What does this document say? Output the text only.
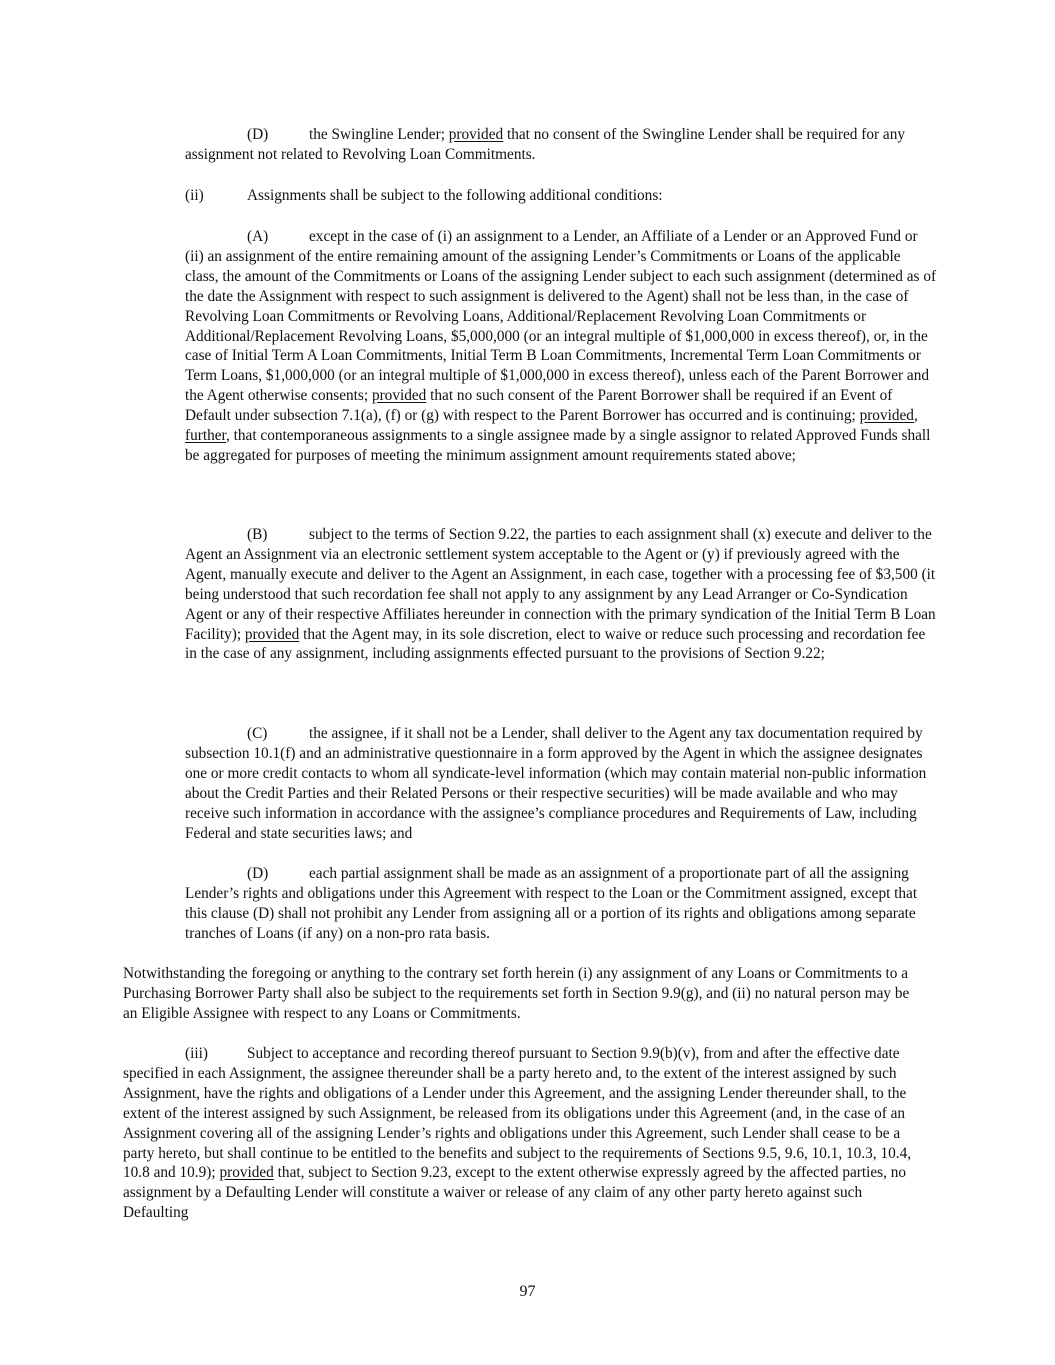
(D)	the Swingline Lender; provided that no consent of the Swingline Lender shall be required for any assignment not related to Revolving Loan Commitments.

(ii)	Assignments shall be subject to the following additional conditions:

(A)	except in the case of (i) an assignment to a Lender, an Affiliate of a Lender or an Approved Fund or (ii) an assignment of the entire remaining amount of the assigning Lender’s Commitments or Loans of the applicable class, the amount of the Commitments or Loans of the assigning Lender subject to each such assignment (determined as of the date the Assignment with respect to such assignment is delivered to the Agent) shall not be less than, in the case of Revolving Loan Commitments or Revolving Loans, Additional/Replacement Revolving Loan Commitments or Additional/Replacement Revolving Loans, $5,000,000 (or an integral multiple of $1,000,000 in excess thereof), or, in the case of Initial Term A Loan Commitments, Initial Term B Loan Commitments, Incremental Term Loan Commitments or Term Loans, $1,000,000 (or an integral multiple of $1,000,000 in excess thereof), unless each of the Parent Borrower and the Agent otherwise consents; provided that no such consent of the Parent Borrower shall be required if an Event of Default under subsection 7.1(a), (f) or (g) with respect to the Parent Borrower has occurred and is continuing; provided, further, that contemporaneous assignments to a single assignee made by a single assignor to related Approved Funds shall be aggregated for purposes of meeting the minimum assignment amount requirements stated above;

(B)	subject to the terms of Section 9.22, the parties to each assignment shall (x) execute and deliver to the Agent an Assignment via an electronic settlement system acceptable to the Agent or (y) if previously agreed with the Agent, manually execute and deliver to the Agent an Assignment, in each case, together with a processing fee of $3,500 (it being understood that such recordation fee shall not apply to any assignment by any Lead Arranger or Co-Syndication Agent or any of their respective Affiliates hereunder in connection with the primary syndication of the Initial Term B Loan Facility); provided that the Agent may, in its sole discretion, elect to waive or reduce such processing and recordation fee in the case of any assignment, including assignments effected pursuant to the provisions of Section 9.22;

(C)	the assignee, if it shall not be a Lender, shall deliver to the Agent any tax documentation required by subsection 10.1(f) and an administrative questionnaire in a form approved by the Agent in which the assignee designates one or more credit contacts to whom all syndicate-level information (which may contain material non-public information about the Credit Parties and their Related Persons or their respective securities) will be made available and who may receive such information in accordance with the assignee’s compliance procedures and Requirements of Law, including Federal and state securities laws; and

(D)	each partial assignment shall be made as an assignment of a proportionate part of all the assigning Lender’s rights and obligations under this Agreement with respect to the Loan or the Commitment assigned, except that this clause (D) shall not prohibit any Lender from assigning all or a portion of its rights and obligations among separate tranches of Loans (if any) on a non-pro rata basis.

Notwithstanding the foregoing or anything to the contrary set forth herein (i) any assignment of any Loans or Commitments to a Purchasing Borrower Party shall also be subject to the requirements set forth in Section 9.9(g), and (ii) no natural person may be an Eligible Assignee with respect to any Loans or Commitments.

(iii)	Subject to acceptance and recording thereof pursuant to Section 9.9(b)(v), from and after the effective date specified in each Assignment, the assignee thereunder shall be a party hereto and, to the extent of the interest assigned by such Assignment, have the rights and obligations of a Lender under this Agreement, and the assigning Lender thereunder shall, to the extent of the interest assigned by such Assignment, be released from its obligations under this Agreement (and, in the case of an Assignment covering all of the assigning Lender’s rights and obligations under this Agreement, such Lender shall cease to be a party hereto, but shall continue to be entitled to the benefits and subject to the requirements of Sections 9.5, 9.6, 10.1, 10.3, 10.4, 10.8 and 10.9); provided that, subject to Section 9.23, except to the extent otherwise expressly agreed by the affected parties, no assignment by a Defaulting Lender will constitute a waiver or release of any claim of any other party hereto against such Defaulting

97
